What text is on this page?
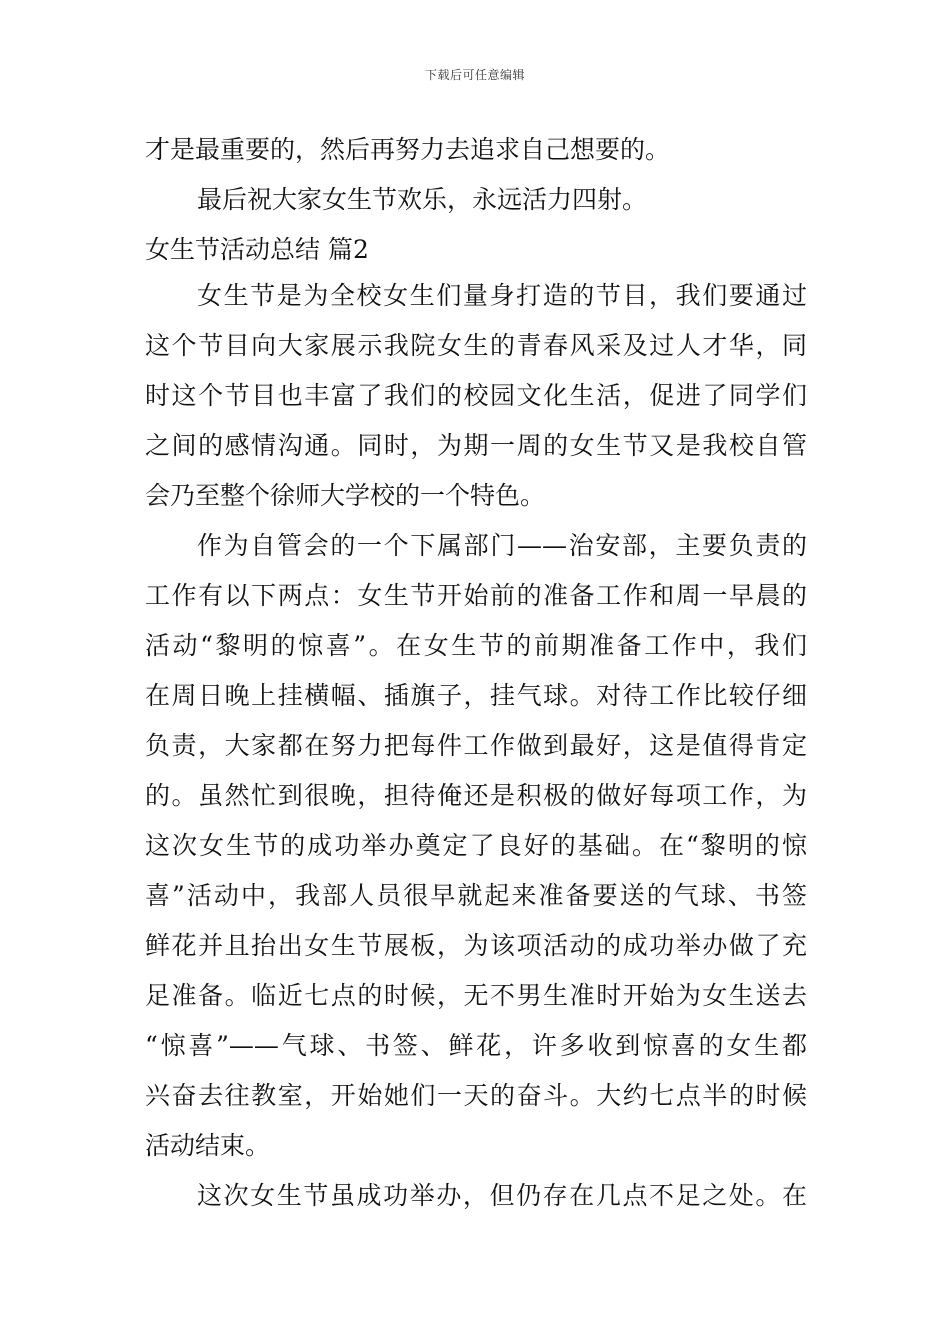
下载后可任意编辑
才是最重要的，然后再努力去追求自己想要的。
最后祝大家女生节欢乐，永远活力四射。
女生节活动总结 篇2
女生节是为全校女生们量身打造的节目，我们要通过
这个节目向大家展示我院女生的青春风采及过人才华，同
时这个节目也丰富了我们的校园文化生活，促进了同学们
之间的感情沟通。同时，为期一周的女生节又是我校自管
会乃至整个徐师大学校的一个特色。
作为自管会的一个下属部门——治安部，主要负责的
工作有以下两点：女生节开始前的准备工作和周一早晨的
活动“黎明的惊喜”。在女生节的前期准备工作中，我们
在周日晚上挂横幅、插旗子，挂气球。对待工作比较仔细
负责，大家都在努力把每件工作做到最好，这是值得肯定
的。虽然忙到很晚，担待俺还是积极的做好每项工作，为
这次女生节的成功举办奠定了良好的基础。在“黎明的惊
喜”活动中，我部人员很早就起来准备要送的气球、书签
鲜花并且抬出女生节展板，为该项活动的成功举办做了充
足准备。临近七点的时候，无不男生准时开始为女生送去
“惊喜”——气球、书签、鲜花，许多收到惊喜的女生都
兴奋去往教室，开始她们一天的奋斗。大约七点半的时候
活动结束。
这次女生节虽成功举办，但仍存在几点不足之处。在
